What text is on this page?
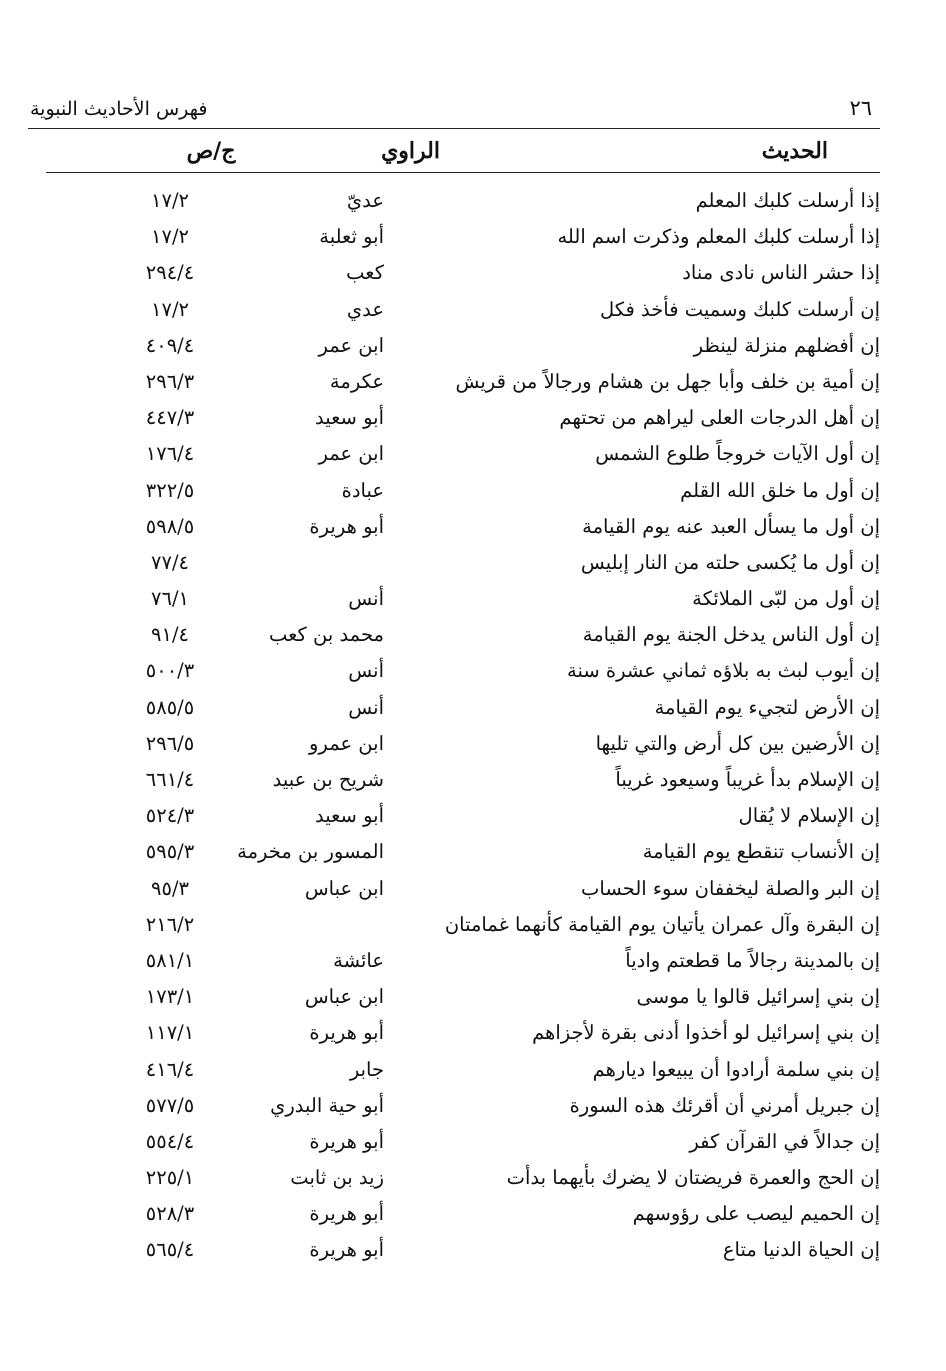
٢٦
فهرس الأحاديث النبوية
الحديث
الراوي
ج/ص
إذا أرسلت كلبك المعلم
عديّ
١٧/٢
إذا أرسلت كلبك المعلم وذكرت اسم الله
أبو ثعلبة
١٧/٢
إذا حشر الناس نادى مناد
كعب
٢٩٤/٤
إن أرسلت كلبك وسميت فأخذ فكل
عدي
١٧/٢
إن أفضلهم منزلة لينظر
ابن عمر
٤٠٩/٤
إن أمية بن خلف وأبا جهل بن هشام ورجالاً من قريش
عكرمة
٢٩٦/٣
إن أهل الدرجات العلى ليراهم من تحتهم
أبو سعيد
٤٤٧/٣
إن أول الآيات خروجاً طلوع الشمس
ابن عمر
١٧٦/٤
إن أول ما خلق الله القلم
عبادة
٣٢٢/٥
إن أول ما يسأل العبد عنه يوم القيامة
أبو هريرة
٥٩٨/٥
إن أول ما يُكسى حلته من النار إبليس
٧٧/٤
إن أول من لبّى الملائكة
أنس
٧٦/١
إن أول الناس يدخل الجنة يوم القيامة
محمد بن كعب
٩١/٤
إن أيوب لبث به بلاؤه ثماني عشرة سنة
أنس
٥٠٠/٣
إن الأرض لتجيء يوم القيامة
أنس
٥٨٥/٥
إن الأرضين بين كل أرض والتي تليها
ابن عمرو
٢٩٦/٥
إن الإسلام بدأ غريباً وسيعود غريباً
شريح بن عبيد
٦٦١/٤
إن الإسلام لا يُقال
أبو سعيد
٥٢٤/٣
إن الأنساب تنقطع يوم القيامة
المسور بن مخرمة
٥٩٥/٣
إن البر والصلة ليخففان سوء الحساب
ابن عباس
٩٥/٣
إن البقرة وآل عمران يأتيان يوم القيامة كأنهما غمامتان
٢١٦/٢
إن بالمدينة رجالاً ما قطعتم وادياً
عائشة
٥٨١/١
إن بني إسرائيل قالوا يا موسى
ابن عباس
١٧٣/١
إن بني إسرائيل لو أخذوا أدنى بقرة لأجزاهم
أبو هريرة
١١٧/١
إن بني سلمة أرادوا أن يبيعوا ديارهم
جابر
٤١٦/٤
إن جبريل أمرني أن أقرئك هذه السورة
أبو حية البدري
٥٧٧/٥
إن جدالاً في القرآن كفر
أبو هريرة
٥٥٤/٤
إن الحج والعمرة فريضتان لا يضرك بأيهما بدأت
زيد بن ثابت
٢٢٥/١
إن الحميم ليصب على رؤوسهم
أبو هريرة
٥٢٨/٣
إن الحياة الدنيا متاع
أبو هريرة
٥٦٥/٤
